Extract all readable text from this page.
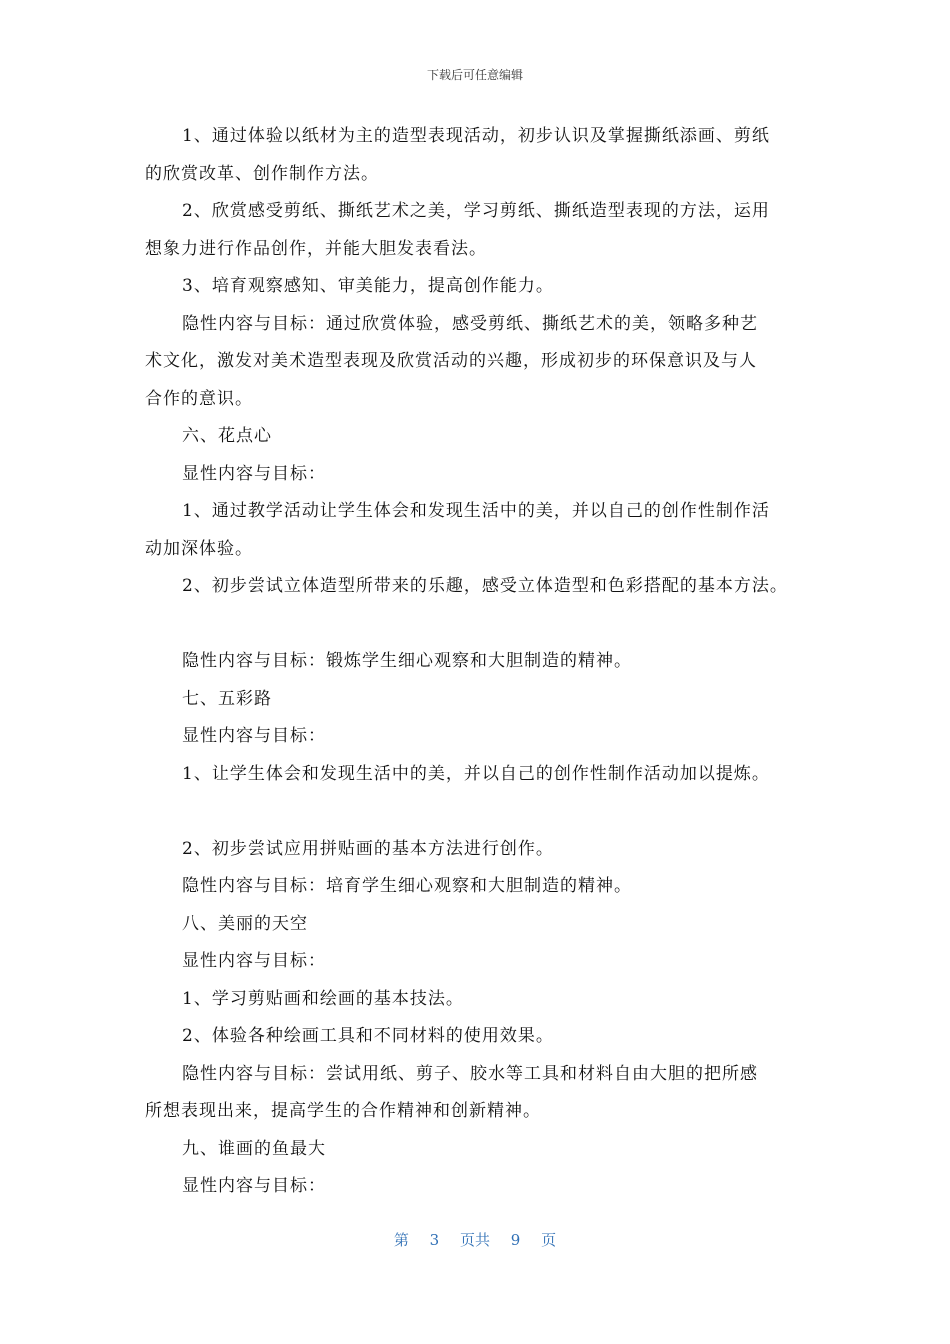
下载后可任意编辑
1、通过体验以纸材为主的造型表现活动，初步认识及掌握撕纸添画、剪纸
的欣赏改革、创作制作方法。
2、欣赏感受剪纸、撕纸艺术之美，学习剪纸、撕纸造型表现的方法，运用
想象力进行作品创作，并能大胆发表看法。
3、培育观察感知、审美能力，提高创作能力。
隐性内容与目标：通过欣赏体验，感受剪纸、撕纸艺术的美，领略多种艺
术文化，激发对美术造型表现及欣赏活动的兴趣，形成初步的环保意识及与人
合作的意识。
六、花点心
显性内容与目标：
1、通过教学活动让学生体会和发现生活中的美，并以自己的创作性制作活
动加深体验。
2、初步尝试立体造型所带来的乐趣，感受立体造型和色彩搭配的基本方法。
隐性内容与目标：锻炼学生细心观察和大胆制造的精神。
七、五彩路
显性内容与目标：
1、让学生体会和发现生活中的美，并以自己的创作性制作活动加以提炼。
2、初步尝试应用拼贴画的基本方法进行创作。
隐性内容与目标：培育学生细心观察和大胆制造的精神。
八、美丽的天空
显性内容与目标：
1、学习剪贴画和绘画的基本技法。
2、体验各种绘画工具和不同材料的使用效果。
隐性内容与目标：尝试用纸、剪子、胶水等工具和材料自由大胆的把所感
所想表现出来，提高学生的合作精神和创新精神。
九、谁画的鱼最大
显性内容与目标：
第 3 页共 9 页
